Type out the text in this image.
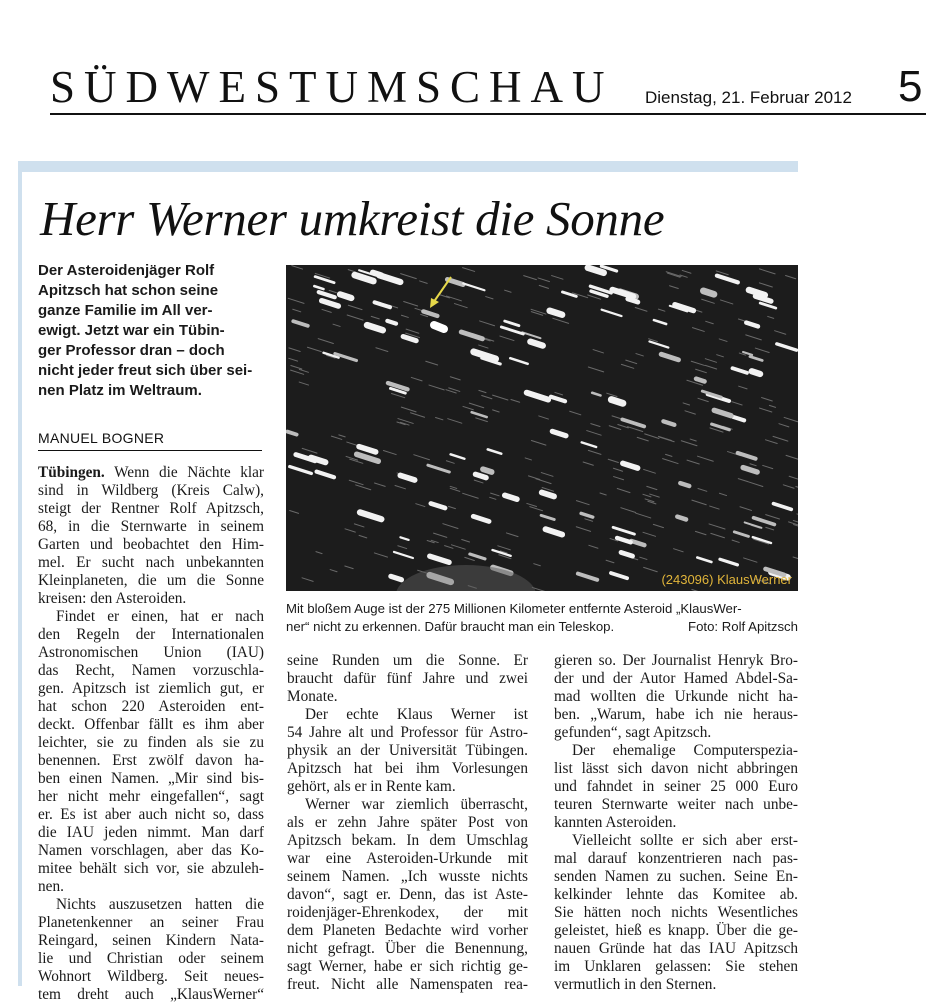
SÜDWESTUMSCHAU Dienstag, 21. Februar 2012 5
Herr Werner umkreist die Sonne
Der Asteroidenjäger Rolf
Apitzsch hat schon seine
ganze Familie im All ver-
ewigt. Jetzt war ein Tübin-
ger Professor dran – doch
nicht jeder freut sich über sei-
nen Platz im Weltraum.
MANUEL BOGNER
Tübingen. Wenn die Nächte klar
sind in Wildberg (Kreis Calw),
steigt der Rentner Rolf Apitzsch,
68, in die Sternwarte in seinem
Garten und beobachtet den Him-
mel. Er sucht nach unbekannten
Kleinplaneten, die um die Sonne
kreisen: den Asteroiden.
Findet er einen, hat er nach
den Regeln der Internationalen
Astronomischen Union (IAU)
das Recht, Namen vorzuschla-
gen. Apitzsch ist ziemlich gut, er
hat schon 220 Asteroiden ent-
deckt. Offenbar fällt es ihm aber
leichter, sie zu finden als sie zu
benennen. Erst zwölf davon ha-
ben einen Namen. „Mir sind bis-
her nicht mehr eingefallen“, sagt
er. Es ist aber auch nicht so, dass
die IAU jeden nimmt. Man darf
Namen vorschlagen, aber das Ko-
mitee behält sich vor, sie abzuleh-
nen.
Nichts auszusetzen hatten die
Planetenkenner an seiner Frau
Reingard, seinen Kindern Nata-
lie und Christian oder seinem
Wohnort Wildberg. Seit neues-
tem dreht auch „KlausWerner“
(243096) KlausWerner
Mit bloßem Auge ist der 275 Millionen Kilometer entfernte Asteroid „KlausWer-
ner“ nicht zu erkennen. Dafür braucht man ein Teleskop.	Foto: Rolf Apitzsch
seine Runden um die Sonne. Er
braucht dafür fünf Jahre und zwei
Monate.
Der echte Klaus Werner ist
54 Jahre alt und Professor für Astro-
physik an der Universität Tübingen.
Apitzsch hat bei ihm Vorlesungen
gehört, als er in Rente kam.
Werner war ziemlich überrascht,
als er zehn Jahre später Post von
Apitzsch bekam. In dem Umschlag
war eine Asteroiden-Urkunde mit
seinem Namen. „Ich wusste nichts
davon“, sagt er. Denn, das ist Aste-
roidenjäger-Ehrenkodex, der mit
dem Planeten Bedachte wird vorher
nicht gefragt. Über die Benennung,
sagt Werner, habe er sich richtig ge-
freut. Nicht alle Namenspaten rea-
gieren so. Der Journalist Henryk Bro-
der und der Autor Hamed Abdel-Sa-
mad wollten die Urkunde nicht ha-
ben. „Warum, habe ich nie heraus-
gefunden“, sagt Apitzsch.
Der ehemalige Computerspezia-
list lässt sich davon nicht abbringen
und fahndet in seiner 25 000 Euro
teuren Sternwarte weiter nach unbe-
kannten Asteroiden.
Vielleicht sollte er sich aber erst-
mal darauf konzentrieren nach pas-
senden Namen zu suchen. Seine En-
kelkinder lehnte das Komitee ab.
Sie hätten noch nichts Wesentliches
geleistet, hieß es knapp. Über die ge-
nauen Gründe hat das IAU Apitzsch
im Unklaren gelassen: Sie stehen
vermutlich in den Sternen.
